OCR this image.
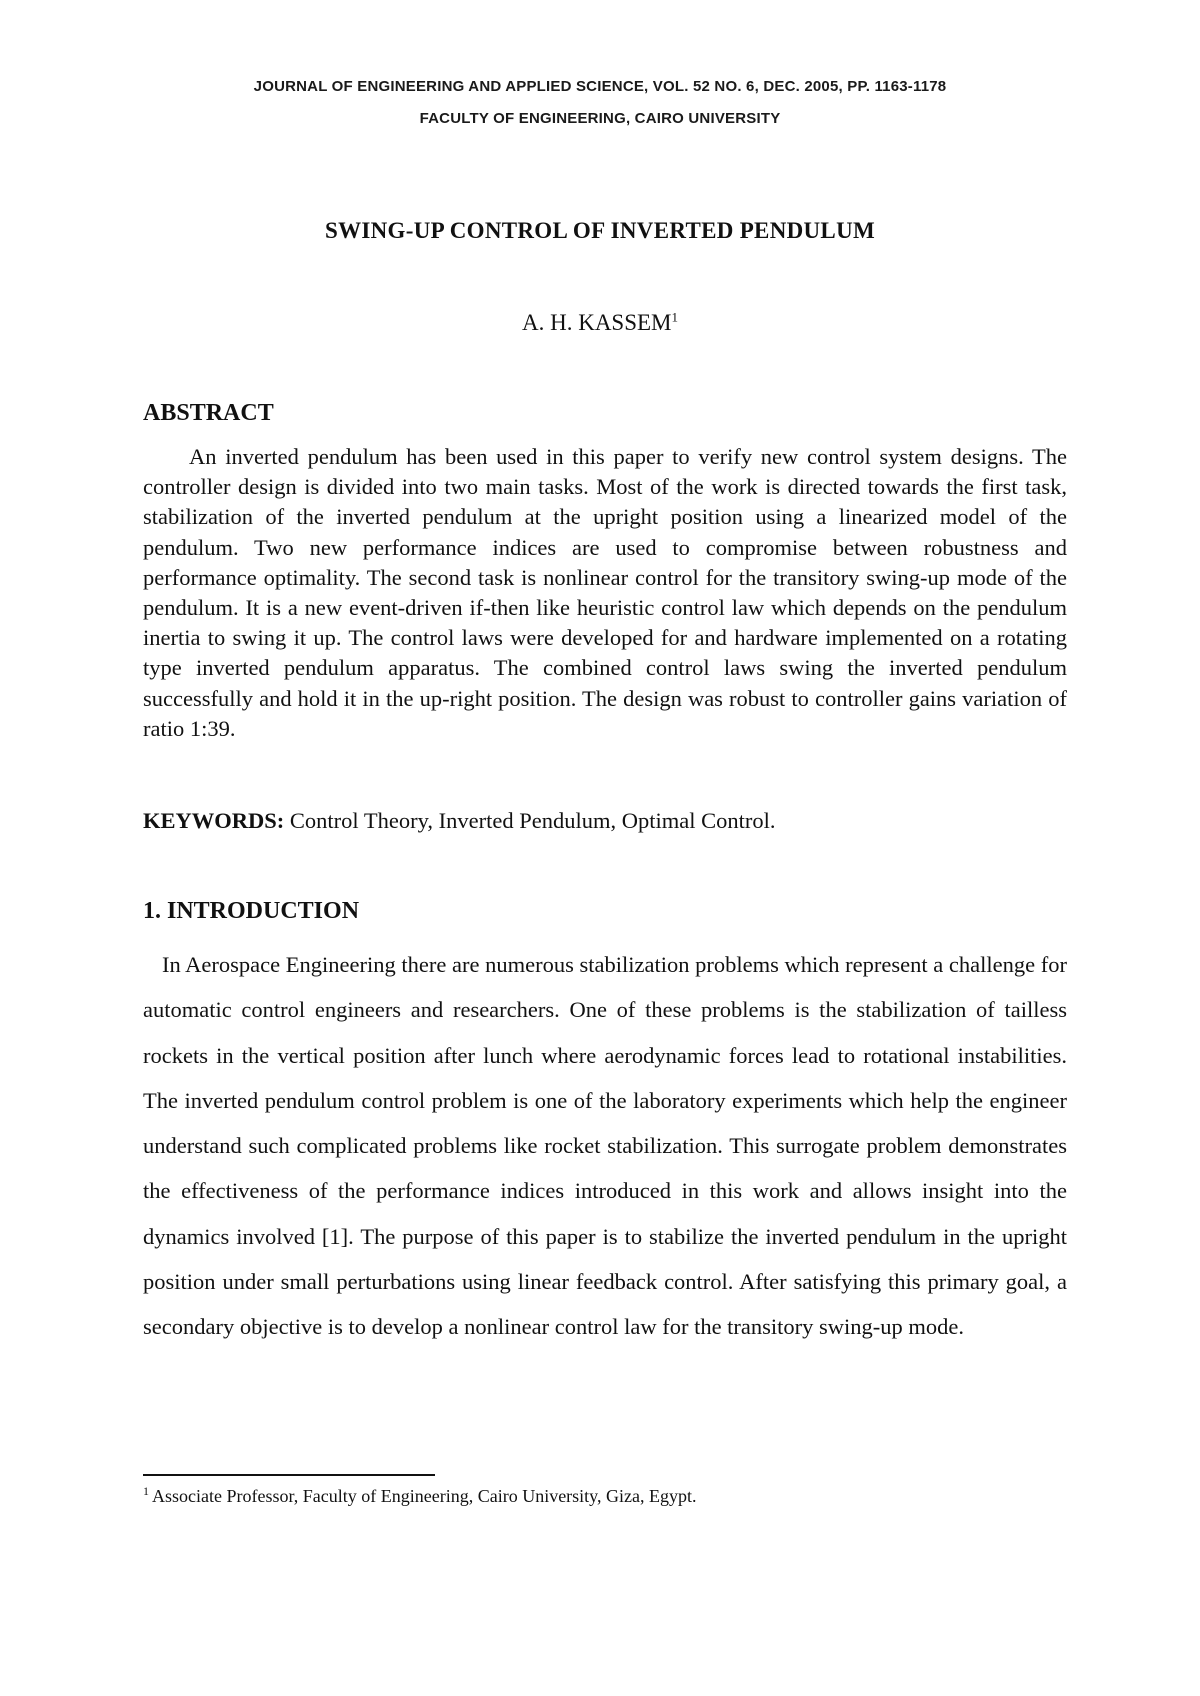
JOURNAL OF ENGINEERING AND APPLIED SCIENCE, VOL. 52 NO. 6, DEC. 2005, PP. 1163-1178
FACULTY OF ENGINEERING, CAIRO UNIVERSITY
SWING-UP CONTROL OF INVERTED PENDULUM
A. H. KASSEM$^1$
ABSTRACT
An inverted pendulum has been used in this paper to verify new control system designs. The controller design is divided into two main tasks. Most of the work is directed towards the first task, stabilization of the inverted pendulum at the upright position using a linearized model of the pendulum. Two new performance indices are used to compromise between robustness and performance optimality. The second task is nonlinear control for the transitory swing-up mode of the pendulum. It is a new event-driven if-then like heuristic control law which depends on the pendulum inertia to swing it up. The control laws were developed for and hardware implemented on a rotating type inverted pendulum apparatus. The combined control laws swing the inverted pendulum successfully and hold it in the up-right position. The design was robust to controller gains variation of ratio 1:39.
KEYWORDS: Control Theory, Inverted Pendulum, Optimal Control.
1. INTRODUCTION
In Aerospace Engineering there are numerous stabilization problems which represent a challenge for automatic control engineers and researchers. One of these problems is the stabilization of tailless rockets in the vertical position after lunch where aerodynamic forces lead to rotational instabilities. The inverted pendulum control problem is one of the laboratory experiments which help the engineer understand such complicated problems like rocket stabilization. This surrogate problem demonstrates the effectiveness of the performance indices introduced in this work and allows insight into the dynamics involved [1]. The purpose of this paper is to stabilize the inverted pendulum in the upright position under small perturbations using linear feedback control. After satisfying this primary goal, a secondary objective is to develop a nonlinear control law for the transitory swing-up mode.
$^1$ Associate Professor, Faculty of Engineering, Cairo University, Giza, Egypt.
